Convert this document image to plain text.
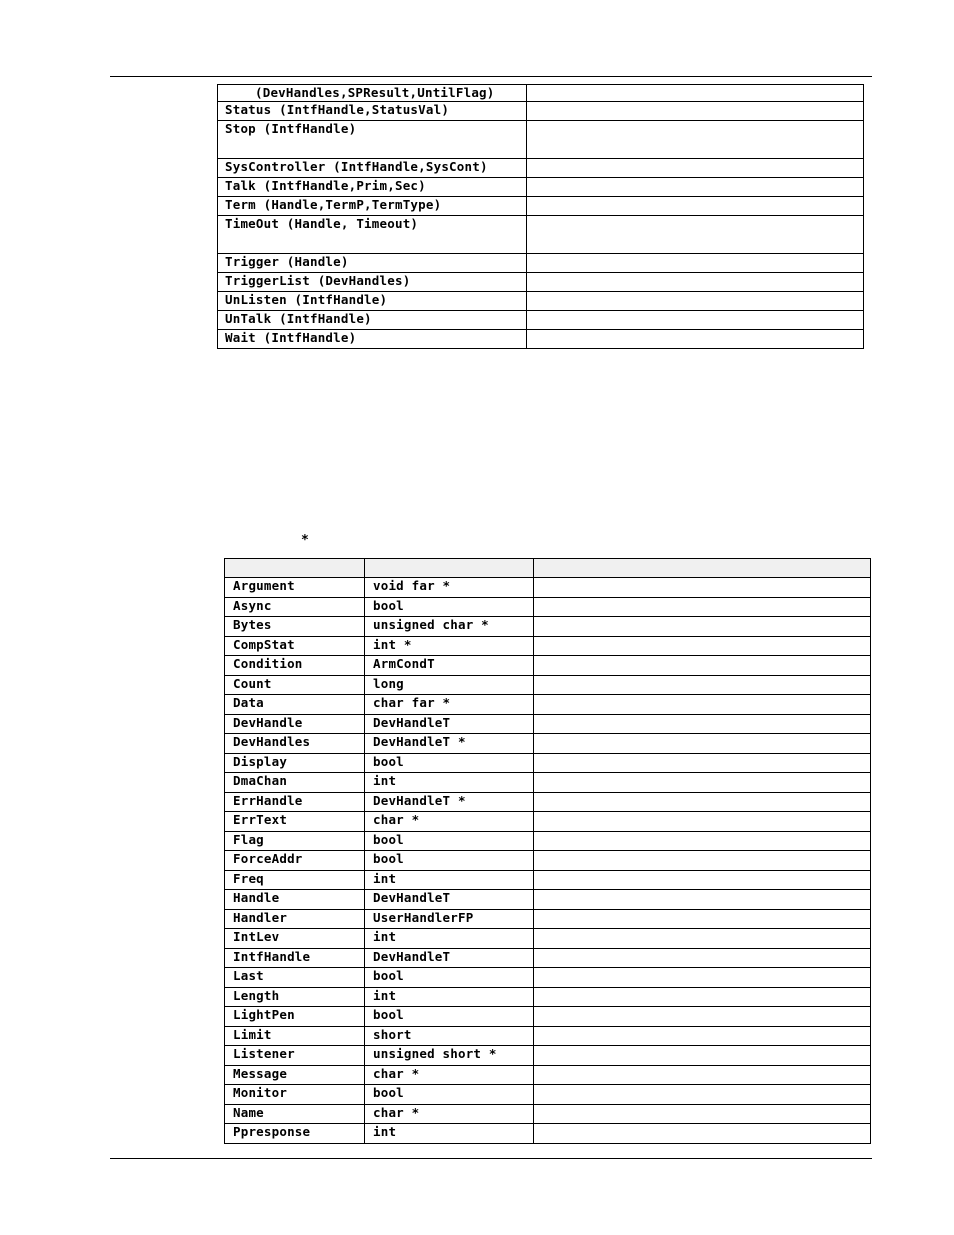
(DevHandles,SPResult,UntilFlag)	
Status (IntfHandle,StatusVal)	
Stop (IntfHandle)	
SysController (IntfHandle,SysCont)	
Talk (IntfHandle,Prim,Sec)	
Term (Handle,TermP,TermType)	
TimeOut (Handle, Timeout)	
Trigger (Handle)	
TriggerList (DevHandles)	
UnListen (IntfHandle)	
UnTalk (IntfHandle)	
Wait (IntfHandle)	
*

Argument	void far *	
Async	bool	
Bytes	unsigned char *	
CompStat	int *	
Condition	ArmCondT	
Count	long	
Data	char far *	
DevHandle	DevHandleT	
DevHandles	DevHandleT *	
Display	bool	
DmaChan	int	
ErrHandle	DevHandleT *	
ErrText	char *	
Flag	bool	
ForceAddr	bool	
Freq	int	
Handle	DevHandleT	
Handler	UserHandlerFP	
IntLev	int	
IntfHandle	DevHandleT	
Last	bool	
Length	int	
LightPen	bool	
Limit	short	
Listener	unsigned short *	
Message	char *	
Monitor	bool	
Name	char *	
Ppresponse	int	
